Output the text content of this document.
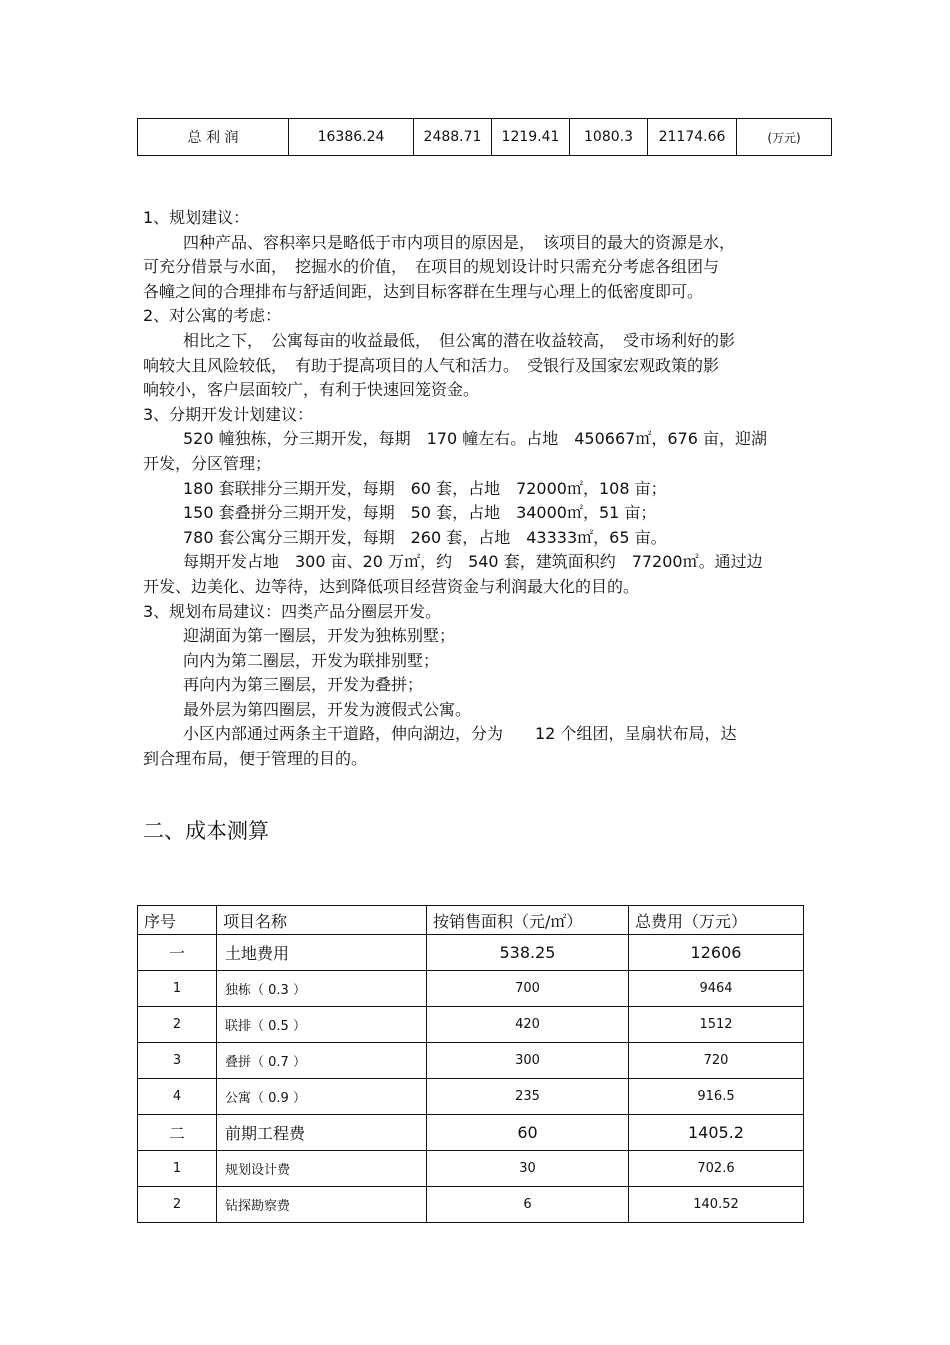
总 利 润	16386.24	2488.71	1219.41	1080.3	21174.66	(万元)
1、规划建议：
四种产品、容积率只是略低于市内项目的原因是，　该项目的最大的资源是水，
可充分借景与水面，　挖掘水的价值，　在项目的规划设计时只需充分考虑各组团与
各幢之间的合理排布与舒适间距，达到目标客群在生理与心理上的低密度即可。
2、对公寓的考虑：
相比之下，　公寓每亩的收益最低，　但公寓的潜在收益较高，　受市场利好的影
响较大且风险较低，　有助于提高项目的人气和活力。　受银行及国家宏观政策的影
响较小，客户层面较广，有利于快速回笼资金。
3、分期开发计划建议：
520 幢独栋，分三期开发，每期　170 幢左右。占地　450667㎡，676 亩，迎湖
开发，分区管理；
180 套联排分三期开发，每期　60 套，占地　72000㎡，108 亩；
150 套叠拼分三期开发，每期　50 套，占地　34000㎡，51 亩；
780 套公寓分三期开发，每期　260 套，占地　43333㎡，65 亩。
每期开发占地　300 亩、20 万㎡，约　540 套，建筑面积约　77200㎡。通过边
开发、边美化、边等待，达到降低项目经营资金与利润最大化的目的。
3、规划布局建议：四类产品分圈层开发。
迎湖面为第一圈层，开发为独栋别墅；
向内为第二圈层，开发为联排别墅；
再向内为第三圈层，开发为叠拼；
最外层为第四圈层，开发为渡假式公寓。
小区内部通过两条主干道路，伸向湖边，分为　　12 个组团，呈扇状布局，达
到合理布局，便于管理的目的。
二、成本测算
序号	项目名称	按销售面积（元/㎡）	总费用（万元）
一	土地费用	538.25	12606
1	独栋（ 0.3 ）	700	9464
2	联排（ 0.5 ）	420	1512
3	叠拼（ 0.7 ）	300	720
4	公寓（ 0.9 ）	235	916.5
二	前期工程费	60	1405.2
1	规划设计费	30	702.6
2	钻探勘察费	6	140.52
